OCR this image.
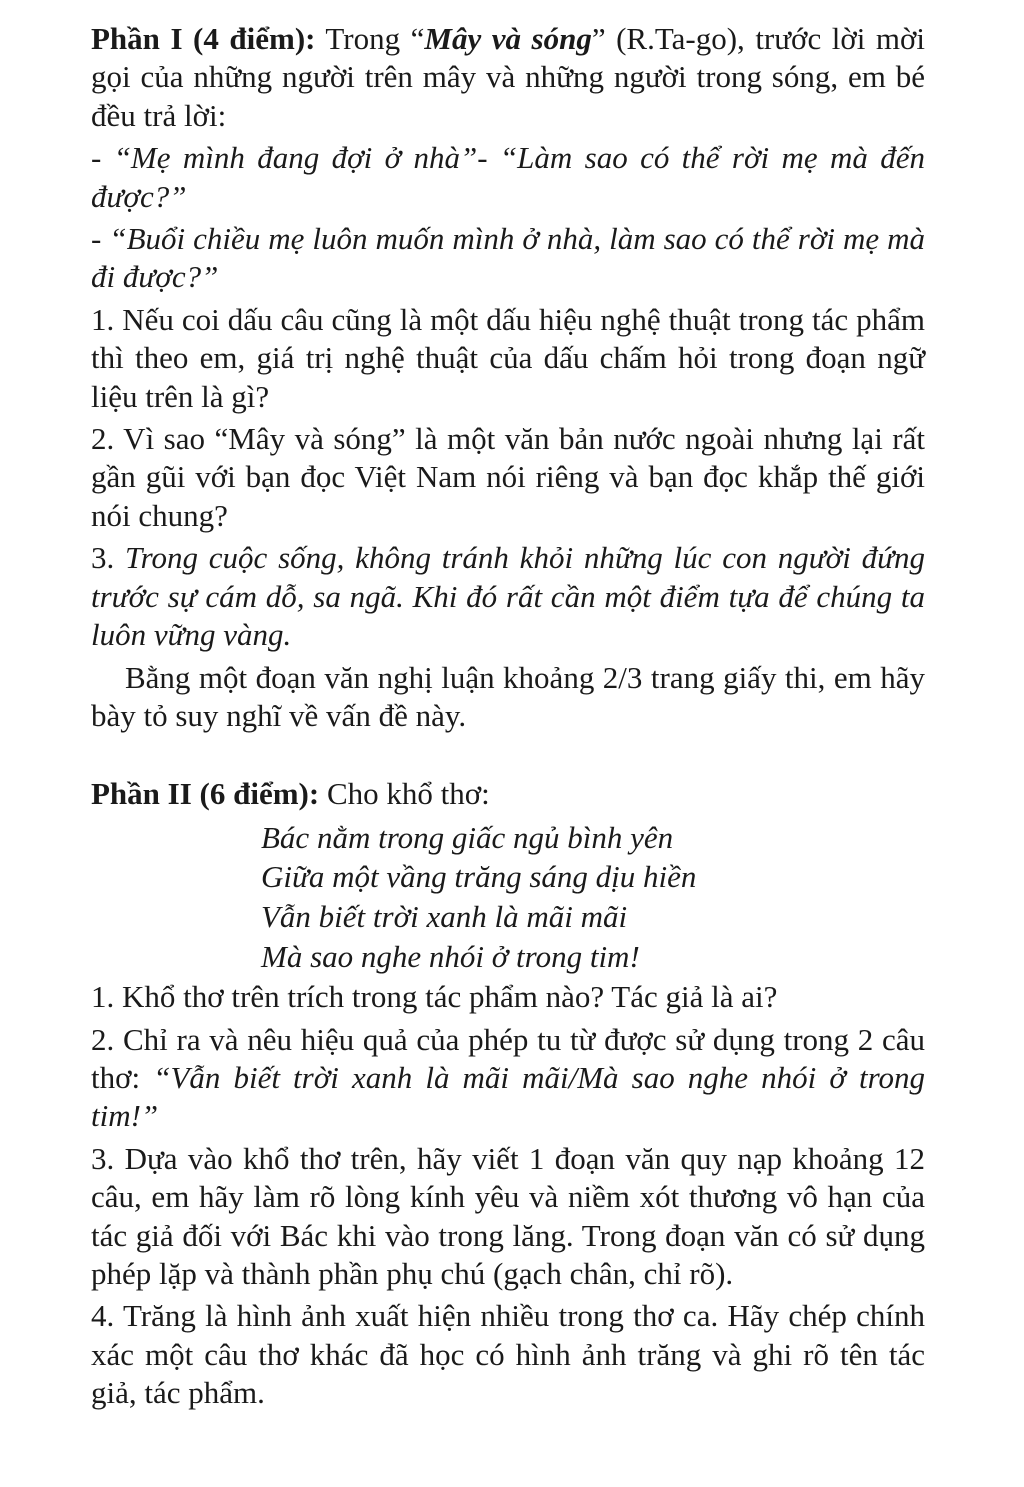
Phần I (4 điểm): Trong “Mây và sóng” (R.Ta-go), trước lời mời gọi của những người trên mây và những người trong sóng, em bé đều trả lời:

- “Mẹ mình đang đợi ở nhà”- “Làm sao có thể rời mẹ mà đến được?”

- “Buổi chiều mẹ luôn muốn mình ở nhà, làm sao có thể rời mẹ mà đi được?”

1. Nếu coi dấu câu cũng là một dấu hiệu nghệ thuật trong tác phẩm thì theo em, giá trị nghệ thuật của dấu chấm hỏi trong đoạn ngữ liệu trên là gì?

2. Vì sao “Mây và sóng” là một văn bản nước ngoài nhưng lại rất gần gũi với bạn đọc Việt Nam nói riêng và bạn đọc khắp thế giới nói chung?

3. Trong cuộc sống, không tránh khỏi những lúc con người đứng trước sự cám dỗ, sa ngã. Khi đó rất cần một điểm tựa để chúng ta luôn vững vàng.

Bằng một đoạn văn nghị luận khoảng 2/3 trang giấy thi, em hãy bày tỏ suy nghĩ về vấn đề này.

Phần II (6 điểm): Cho khổ thơ:

Bác nằm trong giấc ngủ bình yên
Giữa một vầng trăng sáng dịu hiền
Vẫn biết trời xanh là mãi mãi
Mà sao nghe nhói ở trong tim!

1. Khổ thơ trên trích trong tác phẩm nào? Tác giả là ai?

2. Chỉ ra và nêu hiệu quả của phép tu từ được sử dụng trong 2 câu thơ: “Vẫn biết trời xanh là mãi mãi/Mà sao nghe nhói ở trong tim!”

3. Dựa vào khổ thơ trên, hãy viết 1 đoạn văn quy nạp khoảng 12 câu, em hãy làm rõ lòng kính yêu và niềm xót thương vô hạn của tác giả đối với Bác khi vào trong lăng. Trong đoạn văn có sử dụng phép lặp và thành phần phụ chú (gạch chân, chỉ rõ).

4. Trăng là hình ảnh xuất hiện nhiều trong thơ ca. Hãy chép chính xác một câu thơ khác đã học có hình ảnh trăng và ghi rõ tên tác giả, tác phẩm.
